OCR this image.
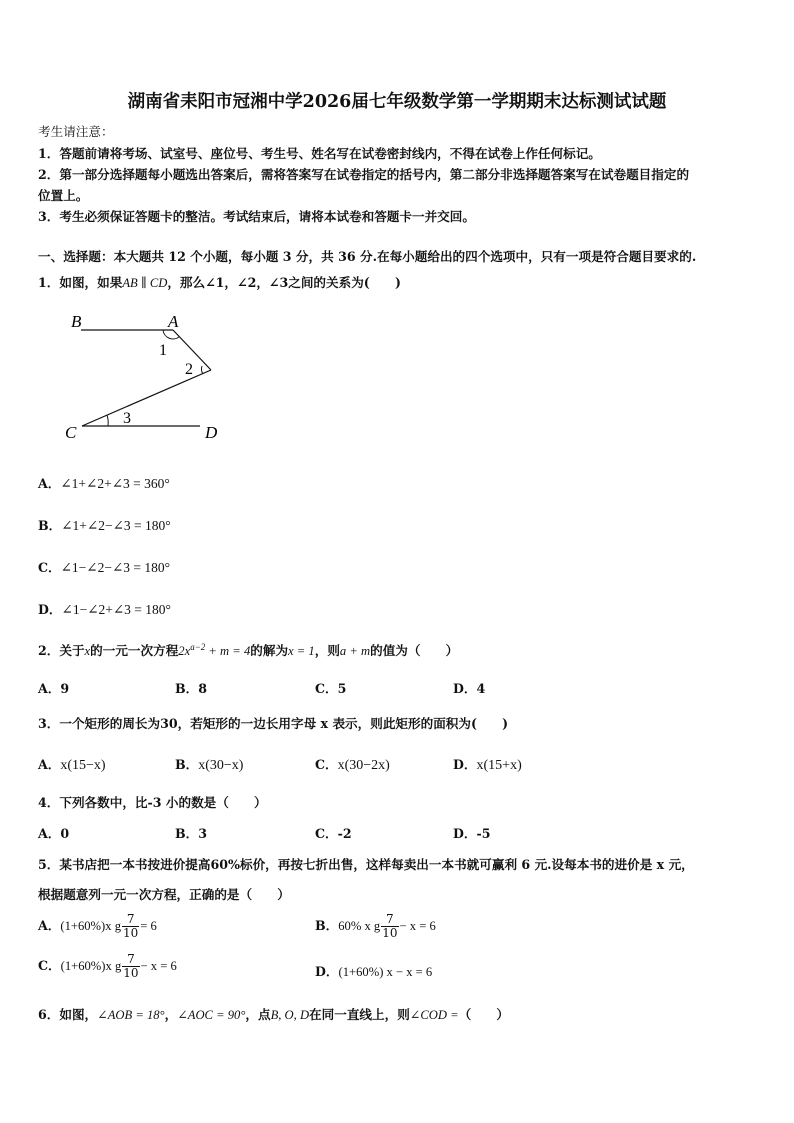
湖南省耒阳市冠湘中学2026届七年级数学第一学期期末达标测试试题
考生请注意：
1．答题前请将考场、试室号、座位号、考生号、姓名写在试卷密封线内，不得在试卷上作任何标记。
2．第一部分选择题每小题选出答案后，需将答案写在试卷指定的括号内，第二部分非选择题答案写在试卷题目指定的
位置上。
3．考生必须保证答题卡的整洁。考试结束后，请将本试卷和答题卡一并交回。
一、选择题：本大题共 12 个小题，每小题 3 分，共 36 分.在每小题给出的四个选项中，只有一项是符合题目要求的.
1．如图，如果AB ∥ CD，那么∠1，∠2，∠3之间的关系为(　　)
B	A
C	D
1
2
3
A．∠1+∠2+∠3 = 360°
B．∠1+∠2−∠3 = 180°
C．∠1−∠2−∠3 = 180°
D．∠1−∠2+∠3 = 180°
2．关于x的一元一次方程$2x^{a-2} + m = 4$的解为x = 1，则a + m的值为（　　）
A．9	B．8	C．5	D．4
3．一个矩形的周长为30，若矩形的一边长用字母 x 表示，则此矩形的面积为(　　)
A．x(15−x)	B．x(30−x)	C．x(30−2x)	D．x(15+x)
4．下列各数中，比-3 小的数是（　　）
A．0	B．3	C．-2	D．-5
5．某书店把一本书按进价提高60%标价，再按七折出售，这样每卖出一本书就可赢利 6 元.设每本书的进价是 x 元，
根据题意列一元一次方程，正确的是（　　）
A．(1+60%)x g $\frac{7}{10} = 6$	B．60% x g $\frac{7}{10} - x = 6$
C．(1+60%)x g $\frac{7}{10} - x = 6$	D．(1+60%) x − x = 6
6．如图，∠AOB = 18°，∠AOC = 90°，点B, O, D在同一直线上，则∠COD =（　　）
